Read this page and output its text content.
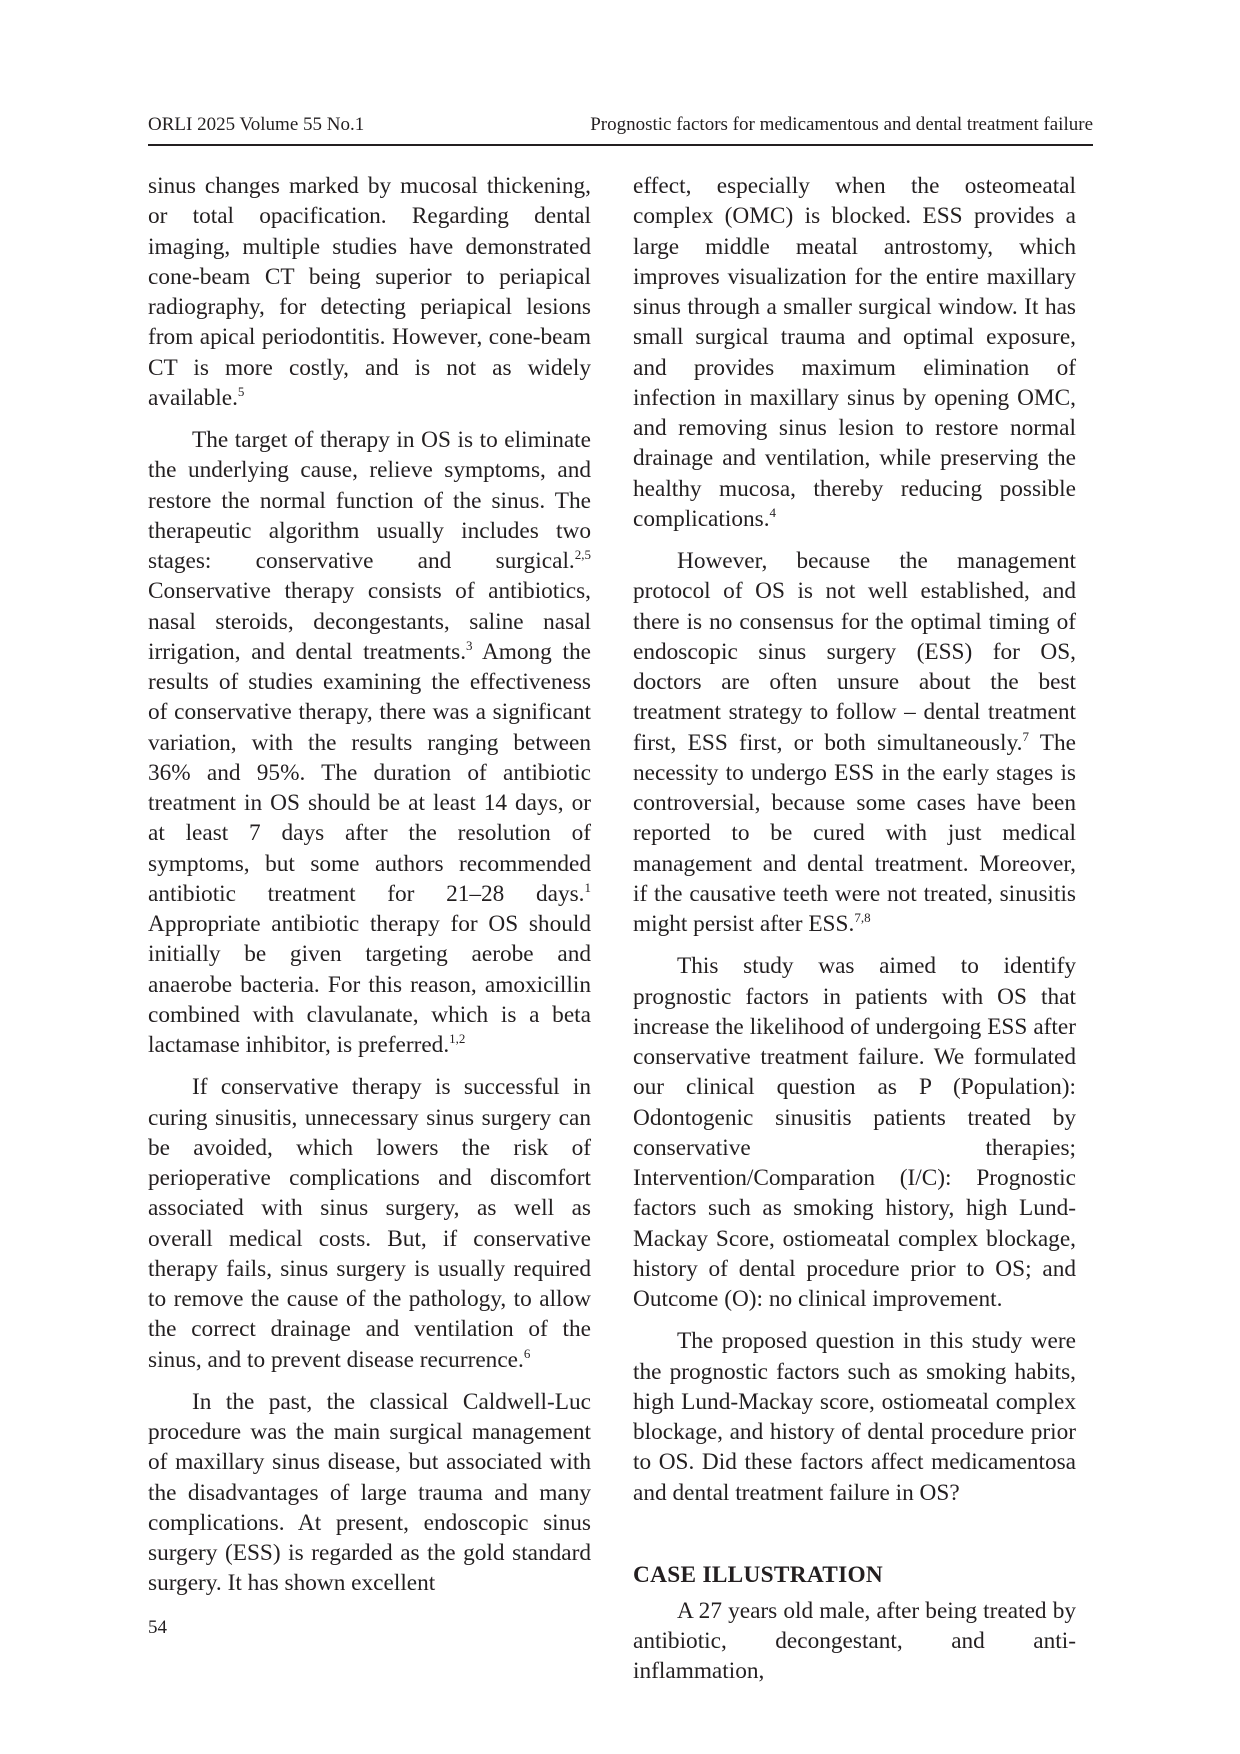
ORLI 2025 Volume 55 No.1	Prognostic factors for medicamentous and dental treatment failure

sinus changes marked by mucosal thickening, or total opacification. Regarding dental imaging, multiple studies have demonstrated cone-beam CT being superior to periapical radiography, for detecting periapical lesions from apical periodontitis. However, cone-beam CT is more costly, and is not as widely available.$^5$

The target of therapy in OS is to eliminate the underlying cause, relieve symptoms, and restore the normal function of the sinus. The therapeutic algorithm usually includes two stages: conservative and surgical.$^{2,5}$ Conservative therapy consists of antibiotics, nasal steroids, decongestants, saline nasal irrigation, and dental treatments.$^3$ Among the results of studies examining the effectiveness of conservative therapy, there was a significant variation, with the results ranging between 36% and 95%. The duration of antibiotic treatment in OS should be at least 14 days, or at least 7 days after the resolution of symptoms, but some authors recommended antibiotic treatment for 21–28 days.$^1$ Appropriate antibiotic therapy for OS should initially be given targeting aerobe and anaerobe bacteria. For this reason, amoxicillin combined with clavulanate, which is a beta lactamase inhibitor, is preferred.$^{1,2}$

If conservative therapy is successful in curing sinusitis, unnecessary sinus surgery can be avoided, which lowers the risk of perioperative complications and discomfort associated with sinus surgery, as well as overall medical costs. But, if conservative therapy fails, sinus surgery is usually required to remove the cause of the pathology, to allow the correct drainage and ventilation of the sinus, and to prevent disease recurrence.$^6$

In the past, the classical Caldwell-Luc procedure was the main surgical management of maxillary sinus disease, but associated with the disadvantages of large trauma and many complications. At present, endoscopic sinus surgery (ESS) is regarded as the gold standard surgery. It has shown excellent

effect, especially when the osteomeatal complex (OMC) is blocked. ESS provides a large middle meatal antrostomy, which improves visualization for the entire maxillary sinus through a smaller surgical window. It has small surgical trauma and optimal exposure, and provides maximum elimination of infection in maxillary sinus by opening OMC, and removing sinus lesion to restore normal drainage and ventilation, while preserving the healthy mucosa, thereby reducing possible complications.$^4$

However, because the management protocol of OS is not well established, and there is no consensus for the optimal timing of endoscopic sinus surgery (ESS) for OS, doctors are often unsure about the best treatment strategy to follow – dental treatment first, ESS first, or both simultaneously.$^7$ The necessity to undergo ESS in the early stages is controversial, because some cases have been reported to be cured with just medical management and dental treatment. Moreover, if the causative teeth were not treated, sinusitis might persist after ESS.$^{7,8}$

This study was aimed to identify prognostic factors in patients with OS that increase the likelihood of undergoing ESS after conservative treatment failure. We formulated our clinical question as P (Population): Odontogenic sinusitis patients treated by conservative therapies; Intervention/Comparation (I/C): Prognostic factors such as smoking history, high Lund-Mackay Score, ostiomeatal complex blockage, history of dental procedure prior to OS; and Outcome (O): no clinical improvement.

The proposed question in this study were the prognostic factors such as smoking habits, high Lund-Mackay score, ostiomeatal complex blockage, and history of dental procedure prior to OS. Did these factors affect medicamentosa and dental treatment failure in OS?

CASE ILLUSTRATION

A 27 years old male, after being treated by antibiotic, decongestant, and anti-inflammation,

54
